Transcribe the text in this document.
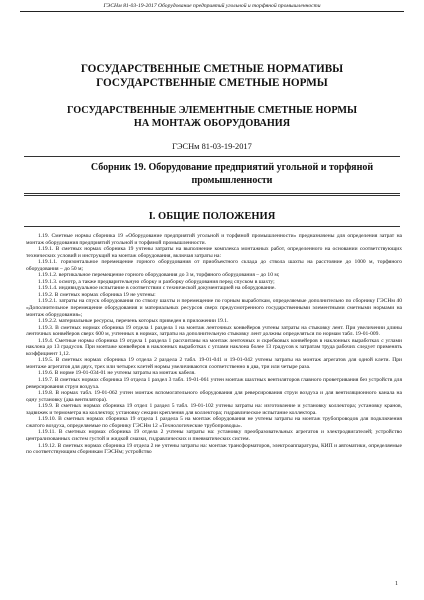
ГЭСНм 81-03-19-2017 Оборудование предприятий угольной и торфяной промышленности
ГОСУДАРСТВЕННЫЕ СМЕТНЫЕ НОРМАТИВЫ
ГОСУДАРСТВЕННЫЕ СМЕТНЫЕ НОРМЫ
ГОСУДАРСТВЕННЫЕ ЭЛЕМЕНТНЫЕ СМЕТНЫЕ НОРМЫ
НА МОНТАЖ ОБОРУДОВАНИЯ
ГЭСНм 81-03-19-2017
Сборник 19. Оборудование предприятий угольной и торфяной промышленности
I. ОБЩИЕ ПОЛОЖЕНИЯ

1.19. Сметные нормы сборника 19 «Оборудование предприятий угольной и торфяной промышленности» предназначены для определения затрат на монтаж оборудования предприятий угольной и торфяной промышленности.

1.19.1. В сметных нормах сборника 19 учтены затраты на выполнение комплекса монтажных работ, определенного на основании соответствующих технических условий и инструкций на монтаж оборудования, включая затраты на:

1.19.1.1. горизонтальное перемещение горного оборудования от приобъектного склада до ствола шахты на расстояние до 1000 м, торфяного оборудования – до 50 м;

1.19.1.2. вертикальное перемещение горного оборудования до 3 м, торфяного оборудования – до 10 м;

1.19.1.3. осмотр, а также предварительную сборку и разборку оборудования перед спуском в шахту;

1.19.1.4. индивидуальное испытание в соответствии с технической документацией на оборудование.

1.19.2. В сметных нормах сборника 19 не учтены:

1.19.2.1. затраты на спуск оборудования по стволу шахты и перемещение по горным выработкам, определяемые дополнительно по сборнику ГЭСНм 40 «Дополнительное перемещение оборудования и материальных ресурсов сверх предусмотренного государственными элементными сметными нормами на монтаж оборудования»;

1.19.2.2. материальные ресурсы, перечень которых приведен в приложении 19.1.

1.19.3. В сметных нормах сборника 19 отдела 1 раздела 1 на монтаж ленточных конвейеров учтены затраты на стыковку лент. При увеличении длины ленточных конвейеров сверх 600 м, учтенных в нормах, затраты на дополнительную стыковку лент должны определяться по нормам табл. 19-01-009.

1.19.4. Сметные нормы сборника 19 отдела 1 раздела 1 рассчитаны на монтаж ленточных и скребковых конвейеров в наклонных выработках с углами наклона до 13 градусов. При монтаже конвейеров в наклонных выработках с углами наклона более 13 градусов к затратам труда рабочих следует применять коэффициент 1,12.

1.19.5. В сметных нормах сборника 19 отдела 2 раздела 2 табл. 19-01-041 и 19-01-042 учтены затраты на монтаж агрегатов для одной клети. При монтаже агрегатов для двух, трех или четырех клетей нормы увеличиваются соответственно в два, три или четыре раза.

1.19.6. В норме 19-01-034-01 не учтены затраты на монтаж кабеля.

1.19.7. В сметных нормах сборника 19 отдела 1 раздел 3 табл. 19-01-061 учтен монтаж шахтных вентиляторов главного проветривания без устройств для реверсирования струи воздуха.

1.19.8. В нормах табл. 19-01-062 учтен монтаж вспомогательного оборудования для реверсирования струи воздуха и для вентиляционного канала на одну установку (два вентилятора).

1.19.9. В сметных нормах сборника 19 отдел 1 раздел 5 табл. 19-01-102 учтены затраты на: изготовление и установку коллектора; установку кранов, задвижек и термометра на коллектор; установку секции крепления для коллектора; гидравлическое испытание коллектора.

1.19.10. В сметных нормах сборника 19 отдела 1 раздела 5 на монтаж оборудования не учтены затраты на монтаж трубопроводов для подключения сжатого воздуха, определяемые по сборнику ГЭСНм 12 «Технологические трубопроводы».

1.19.11. В сметных нормах сборника 19 отдела 2 учтены затраты на: установку преобразовательных агрегатов и электродвигателей; устройство централизованных систем густой и жидкой смазки, гидравлических и пневматических систем.

1.19.12. В сметных нормах сборника 19 отдела 2 не учтены затраты на: монтаж трансформаторов, электроаппаратуры, КИП и автоматики, определяемые по соответствующим сборникам ГЭСНм; устройство

1
